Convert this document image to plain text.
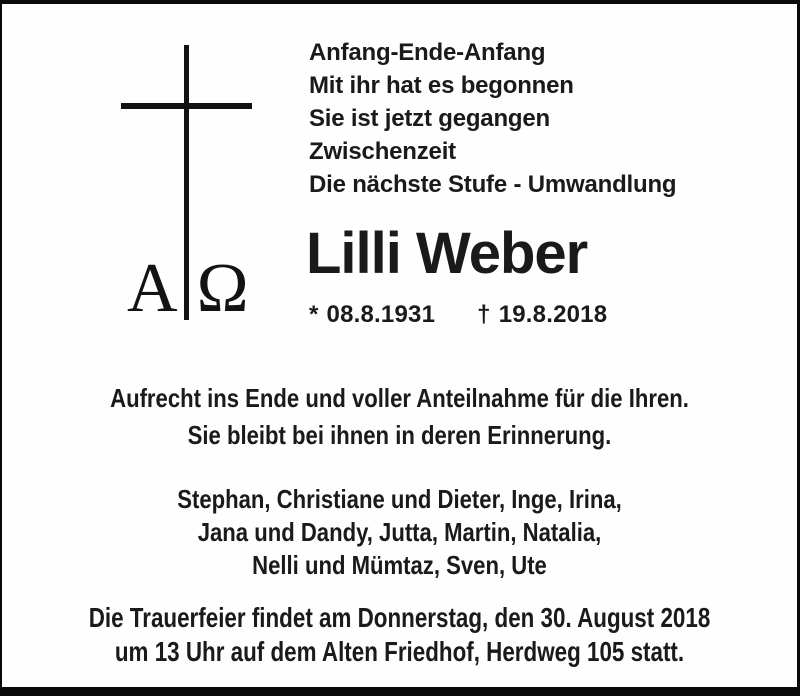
A Ω
Anfang-Ende-Anfang
Mit ihr hat es begonnen
Sie ist jetzt gegangen
Zwischenzeit
Die nächste Stufe - Umwandlung
Lilli Weber
* 08.8.1931 † 19.8.2018
Aufrecht ins Ende und voller Anteilnahme für die Ihren.
Sie bleibt bei ihnen in deren Erinnerung.
Stephan, Christiane und Dieter, Inge, Irina,
Jana und Dandy, Jutta, Martin, Natalia,
Nelli und Mümtaz, Sven, Ute
Die Trauerfeier findet am Donnerstag, den 30. August 2018
um 13 Uhr auf dem Alten Friedhof, Herdweg 105 statt.
